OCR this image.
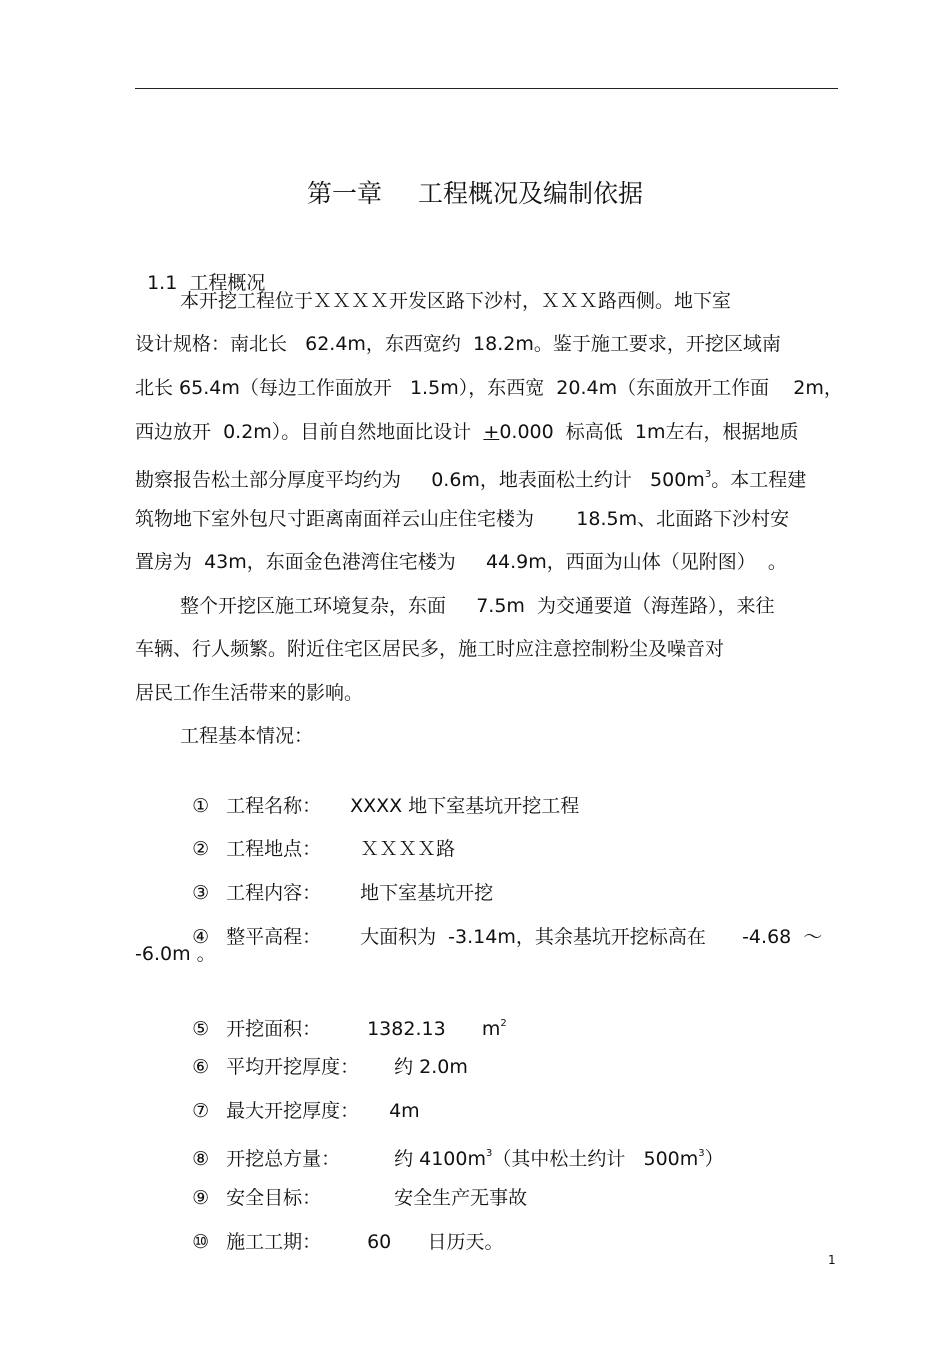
第一章 工程概况及编制依据

1.1 工程概况

本开挖工程位于ＸＸＸＸ开发区路下沙村，ＸＸＸ路西侧。地下室
设计规格：南北长   62.4m，东西宽约  18.2m。鉴于施工要求，开挖区域南
北长 65.4m（每边工作面放开   1.5m），东西宽  20.4m（东面放开工作面    2m，
西边放开  0.2m）。目前自然地面比设计  +0.000  标高低  1m左右，根据地质
勘察报告松土部分厚度平均约为     0.6m，地表面松土约计   $500m^3$。本工程建
筑物地下室外包尺寸距离南面祥云山庄住宅楼为       18.5m、北面路下沙村安
置房为  43m，东面金色港湾住宅楼为     44.9m，西面为山体（见附图）  。
整个开挖区施工环境复杂，东面     7.5m  为交通要道（海莲路），来往
车辆、行人频繁。附近住宅区居民多，施工时应注意控制粉尘及噪音对
居民工作生活带来的影响。
工程基本情况：

① 工程名称： XXXX 地下室基坑开挖工程

② 工程地点： ＸＸＸＸ路

③ 工程内容： 地下室基坑开挖

④ 整平高程： 大面积为  -3.14m，其余基坑开挖标高在      -4.68  ～

-6.0m 。

⑤ 开挖面积： 1382.13      $m^2$

⑥ 平均开挖厚度： 约 2.0m

⑦ 最大开挖厚度： 4m

⑧ 开挖总方量：	约 $4100m^3$（其中松土约计   $500m^3$）

⑨ 安全目标：	安全生产无事故

⑩ 施工工期： 60      日历天。

1
